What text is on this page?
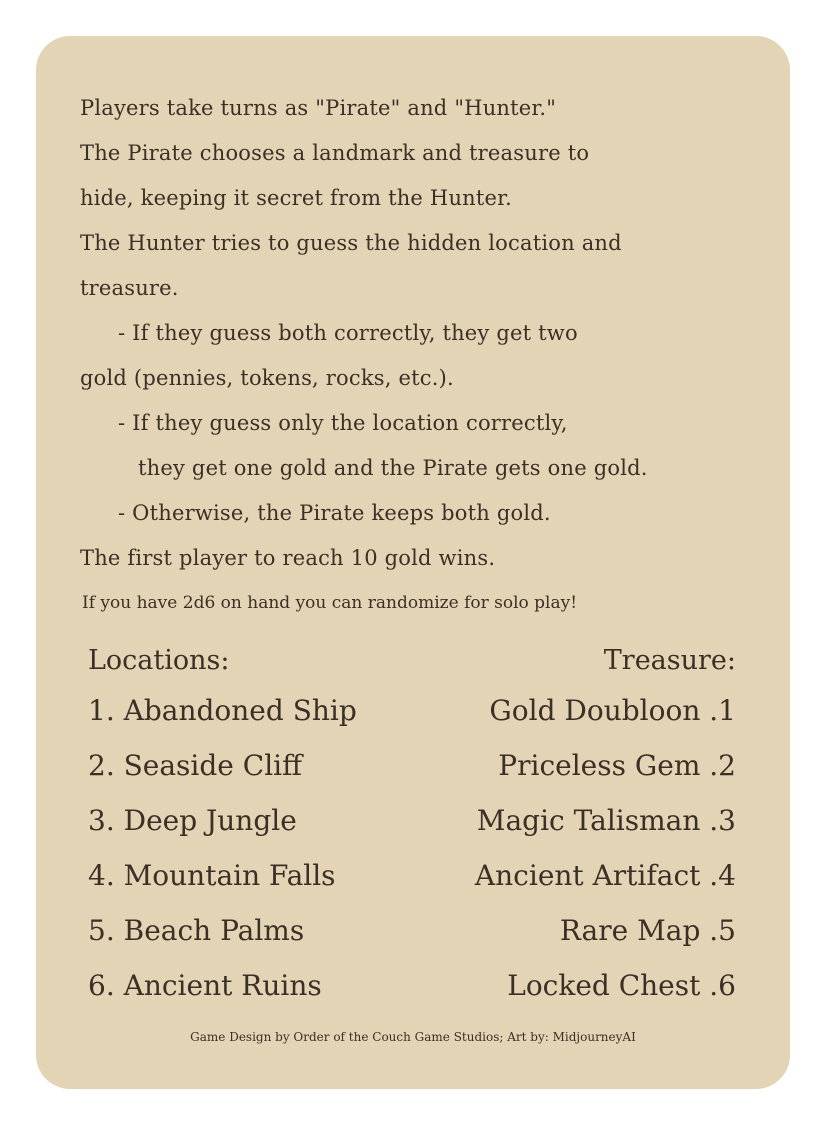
Players take turns as "Pirate" and "Hunter."
The Pirate chooses a landmark and treasure to
hide, keeping it secret from the Hunter.
The Hunter tries to guess the hidden location and
treasure.
- If they guess both correctly, they get two
gold (pennies, tokens, rocks, etc.).
- If they guess only the location correctly,
they get one gold and the Pirate gets one gold.
- Otherwise, the Pirate keeps both gold.
The first player to reach 10 gold wins.
If you have 2d6 on hand you can randomize for solo play!
Locations:	Treasure:
1. Abandoned Ship	Gold Doubloon .1
2. Seaside Cliff	Priceless Gem .2
3. Deep Jungle	Magic Talisman .3
4. Mountain Falls	Ancient Artifact .4
5. Beach Palms	Rare Map .5
6. Ancient Ruins	Locked Chest .6
Game Design by Order of the Couch Game Studios; Art by: MidjourneyAI
